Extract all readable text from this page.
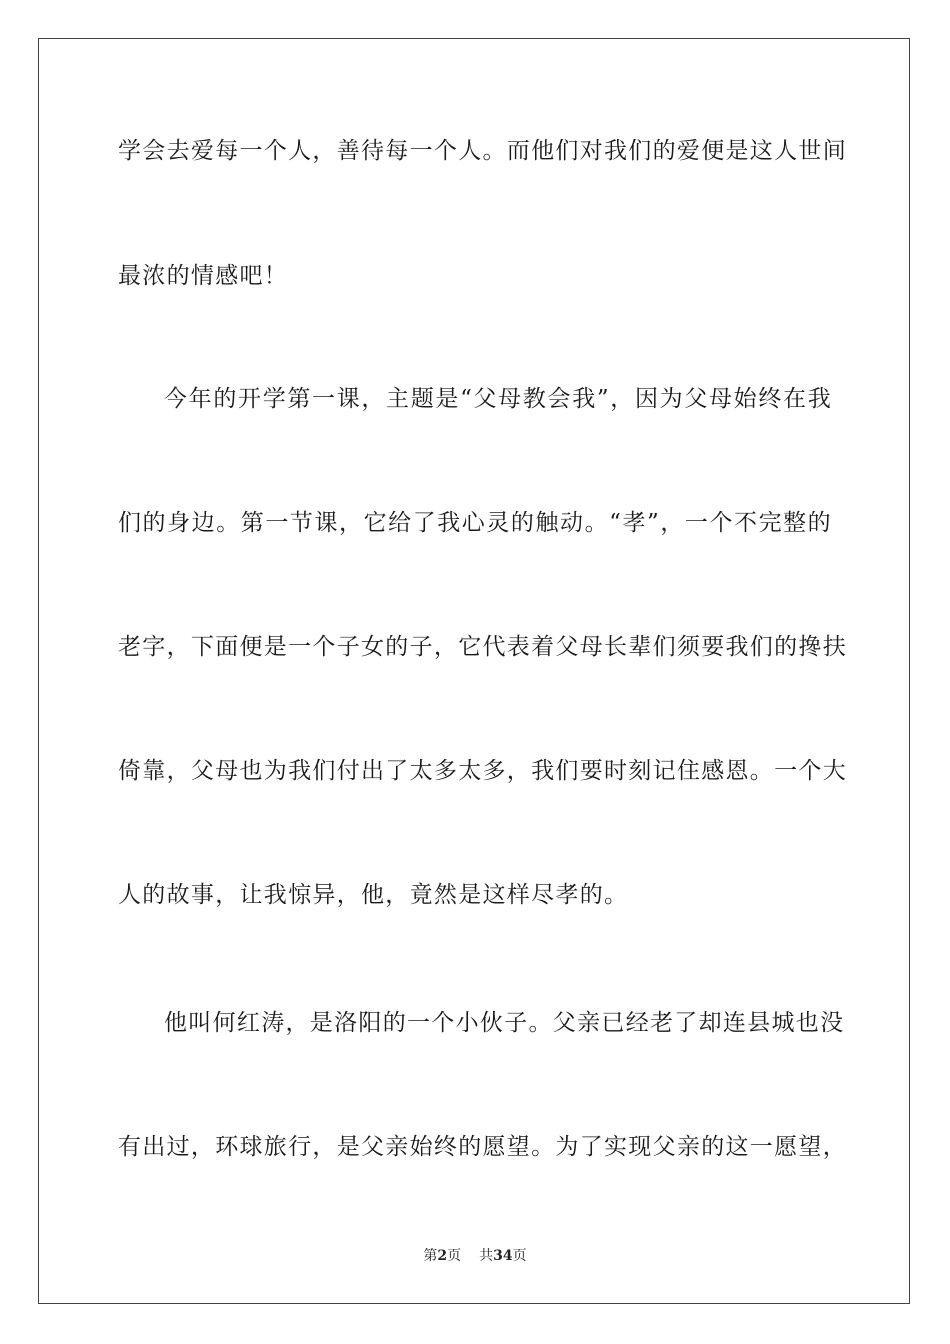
学会去爱每一个人，善待每一个人。而他们对我们的爱便是这人世间
最浓的情感吧！
今年的开学第一课，主题是“父母教会我”，因为父母始终在我
们的身边。第一节课，它给了我心灵的触动。“孝”，一个不完整的
老字，下面便是一个子女的子，它代表着父母长辈们须要我们的搀扶
倚靠，父母也为我们付出了太多太多，我们要时刻记住感恩。一个大
人的故事，让我惊异，他，竟然是这样尽孝的。
他叫何红涛，是洛阳的一个小伙子。父亲已经老了却连县城也没
有出过，环球旅行，是父亲始终的愿望。为了实现父亲的这一愿望，
第2页 共34页
